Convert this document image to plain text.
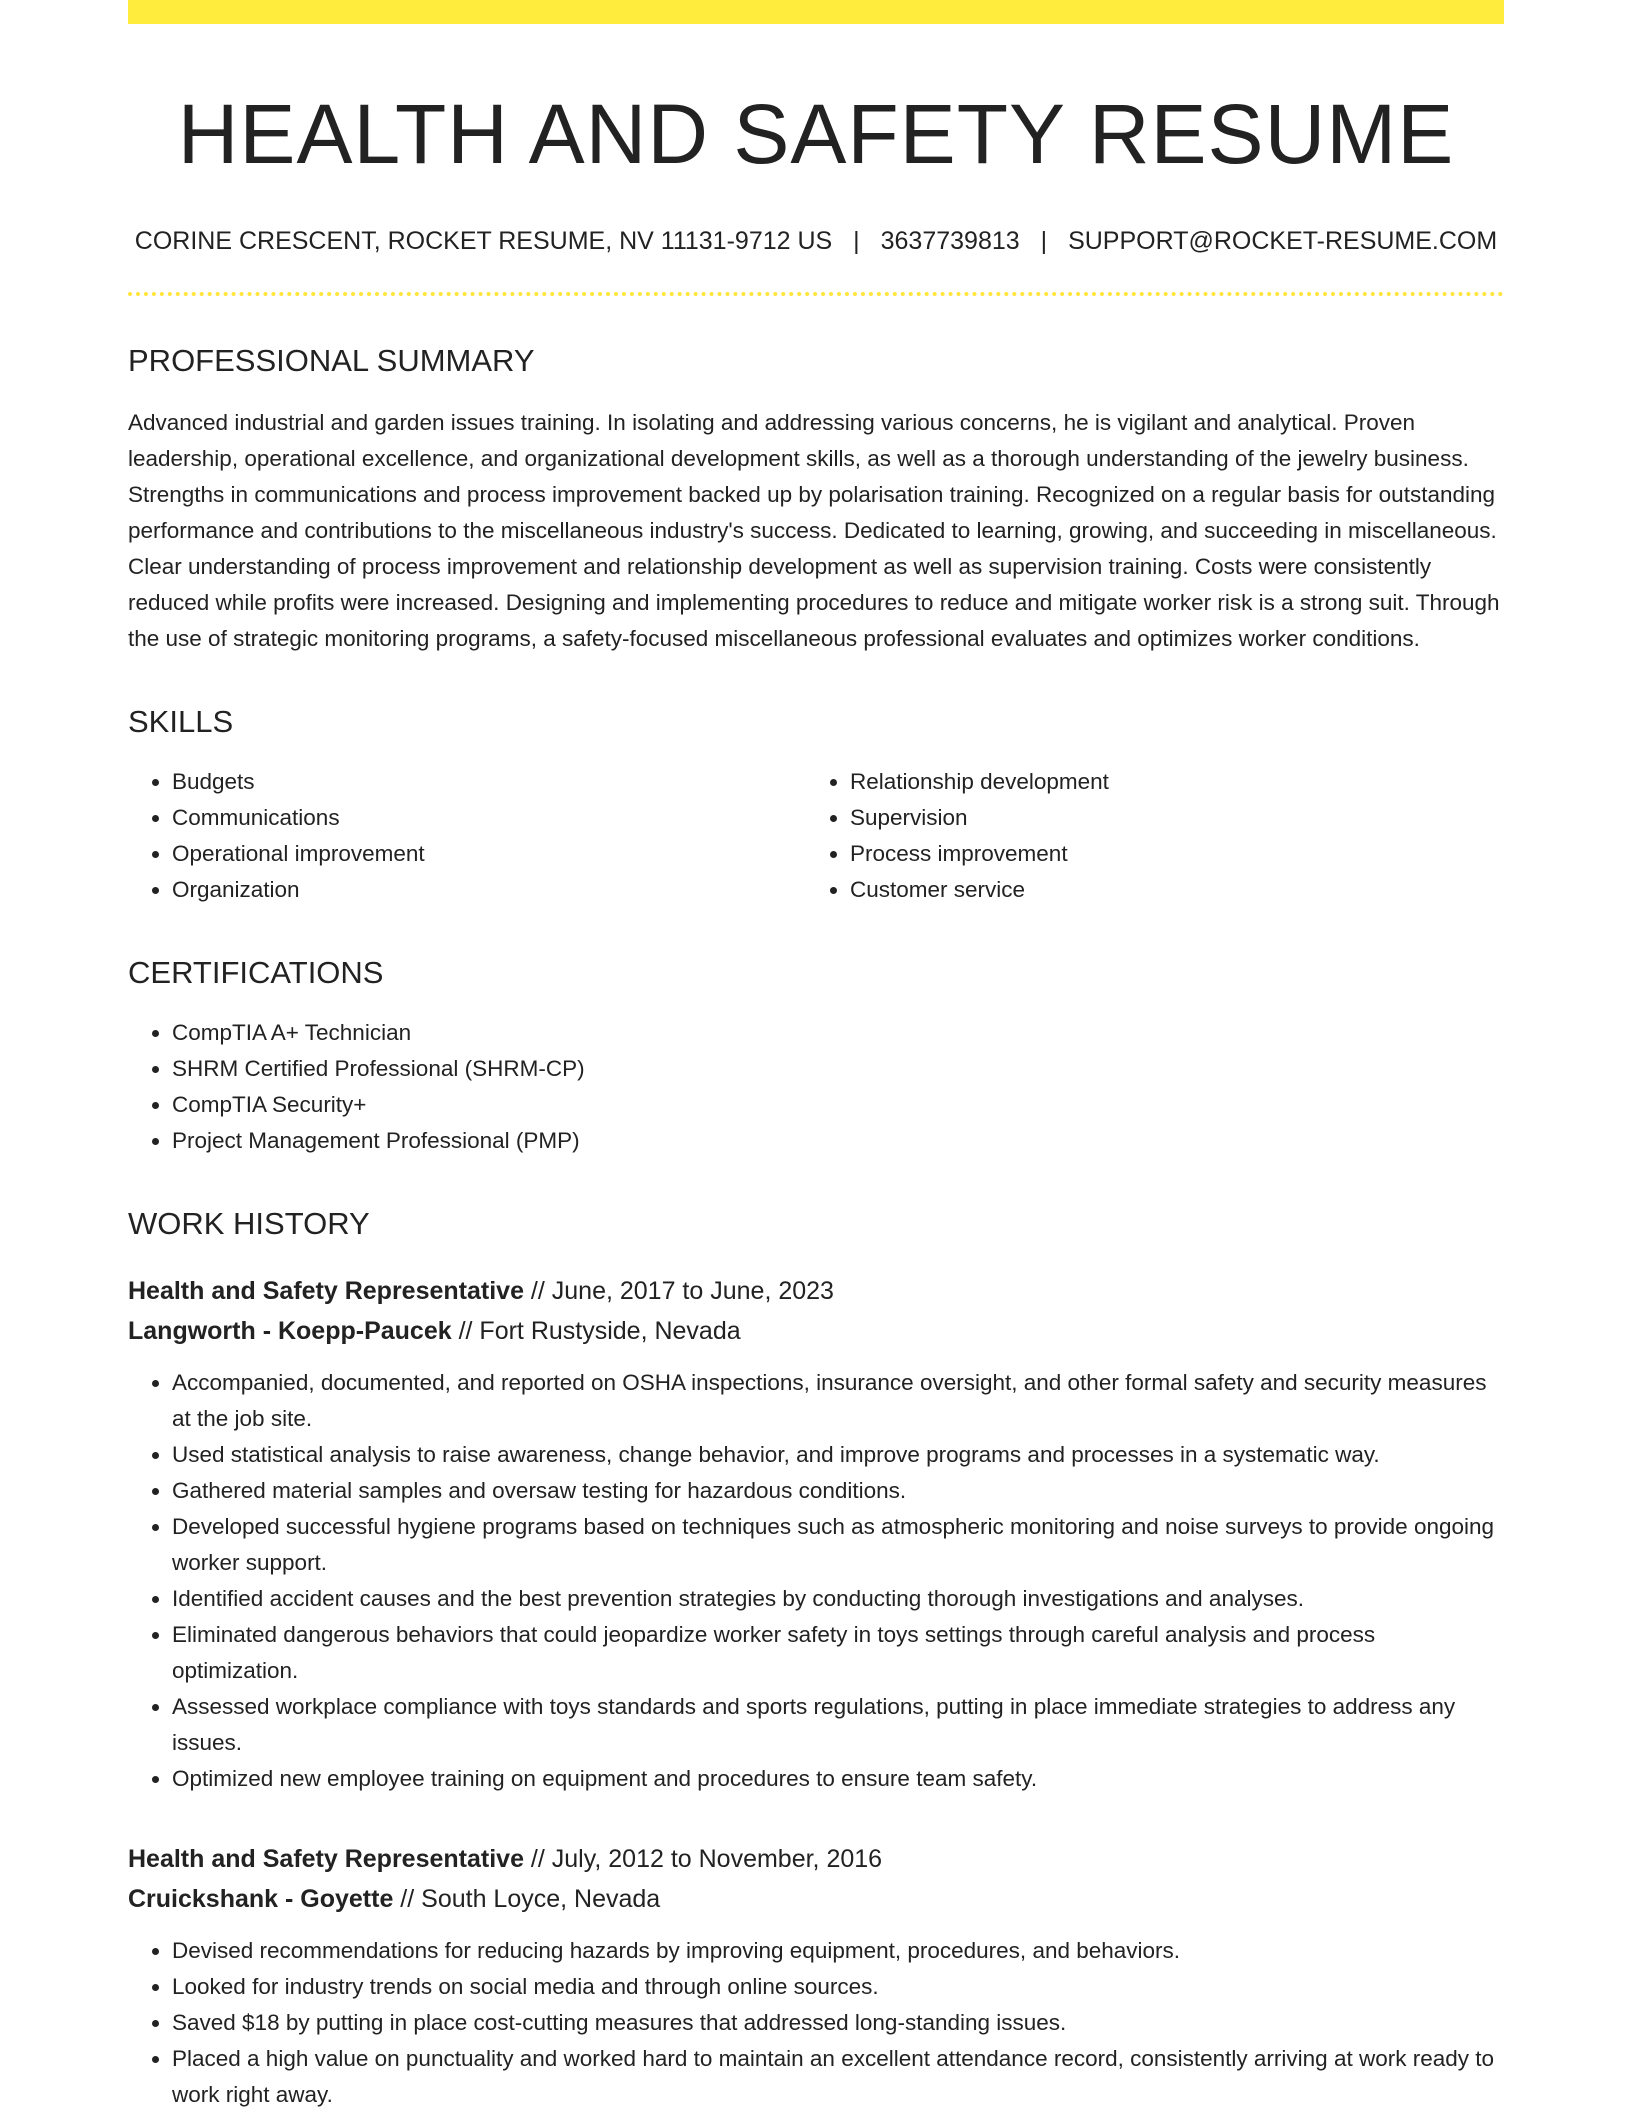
HEALTH AND SAFETY RESUME
CORINE CRESCENT, ROCKET RESUME, NV 11131-9712 US | 3637739813 | SUPPORT@ROCKET-RESUME.COM
PROFESSIONAL SUMMARY

Advanced industrial and garden issues training. In isolating and addressing various concerns, he is vigilant and analytical. Proven leadership, operational excellence, and organizational development skills, as well as a thorough understanding of the jewelry business. Strengths in communications and process improvement backed up by polarisation training. Recognized on a regular basis for outstanding performance and contributions to the miscellaneous industry's success. Dedicated to learning, growing, and succeeding in miscellaneous. Clear understanding of process improvement and relationship development as well as supervision training. Costs were consistently reduced while profits were increased. Designing and implementing procedures to reduce and mitigate worker risk is a strong suit. Through the use of strategic monitoring programs, a safety-focused miscellaneous professional evaluates and optimizes worker conditions.

SKILLS
• Budgets
• Communications
• Operational improvement
• Organization
• Relationship development
• Supervision
• Process improvement
• Customer service
CERTIFICATIONS
• CompTIA A+ Technician
• SHRM Certified Professional (SHRM-CP)
• CompTIA Security+
• Project Management Professional (PMP)
WORK HISTORY
Health and Safety Representative // June, 2017 to June, 2023
Langworth - Koepp-Paucek // Fort Rustyside, Nevada
• Accompanied, documented, and reported on OSHA inspections, insurance oversight, and other formal safety and security measures at the job site.
• Used statistical analysis to raise awareness, change behavior, and improve programs and processes in a systematic way.
• Gathered material samples and oversaw testing for hazardous conditions.
• Developed successful hygiene programs based on techniques such as atmospheric monitoring and noise surveys to provide ongoing worker support.
• Identified accident causes and the best prevention strategies by conducting thorough investigations and analyses.
• Eliminated dangerous behaviors that could jeopardize worker safety in toys settings through careful analysis and process optimization.
• Assessed workplace compliance with toys standards and sports regulations, putting in place immediate strategies to address any issues.
• Optimized new employee training on equipment and procedures to ensure team safety.
Health and Safety Representative // July, 2012 to November, 2016
Cruickshank - Goyette // South Loyce, Nevada
• Devised recommendations for reducing hazards by improving equipment, procedures, and behaviors.
• Looked for industry trends on social media and through online sources.
• Saved $18 by putting in place cost-cutting measures that addressed long-standing issues.
• Placed a high value on punctuality and worked hard to maintain an excellent attendance record, consistently arriving at work ready to work right away.
